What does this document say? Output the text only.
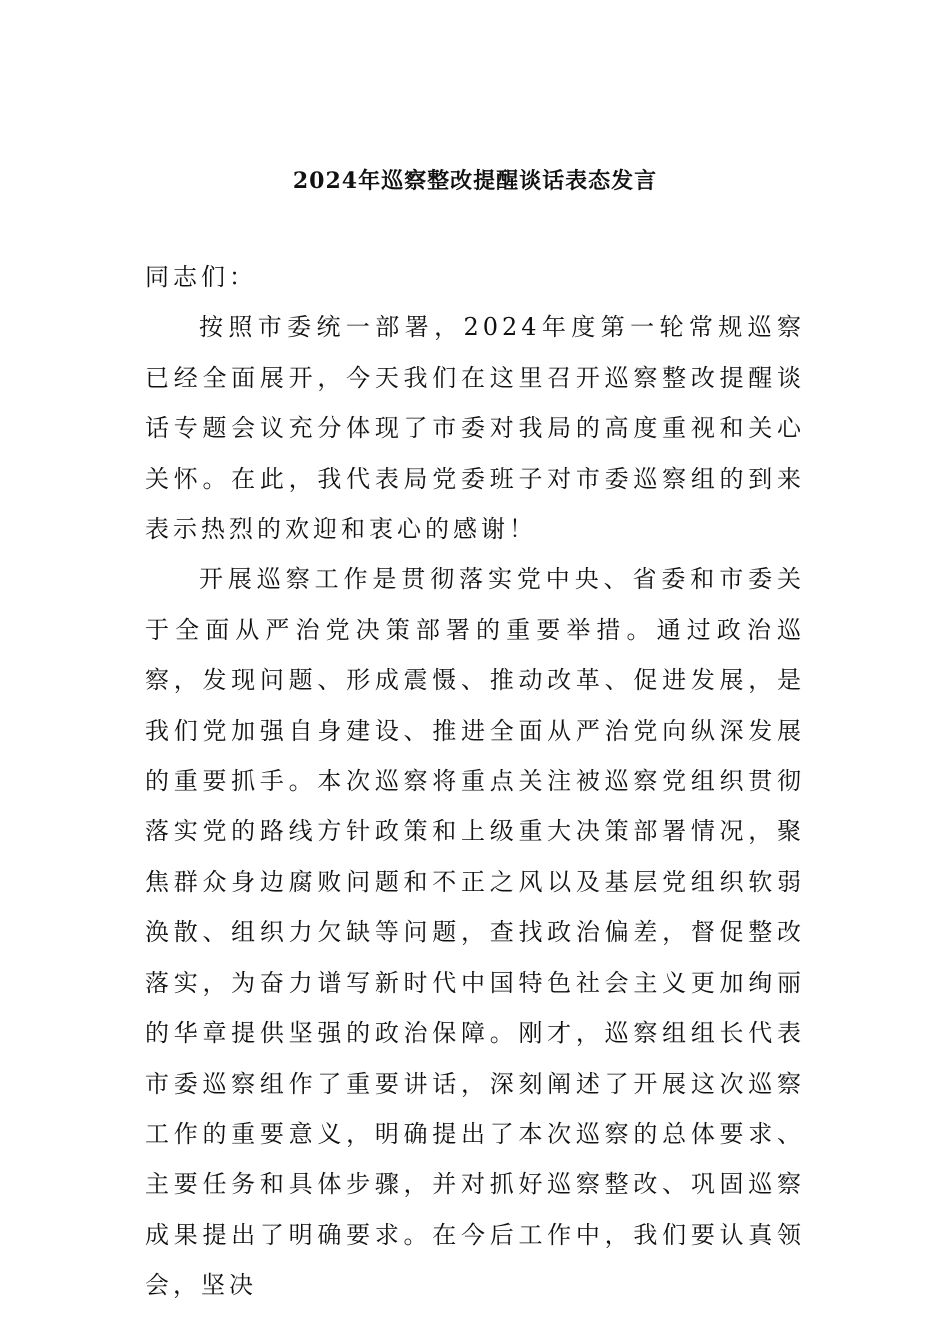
2024年巡察整改提醒谈话表态发言

同志们：

按照市委统一部署，2024年度第一轮常规巡察已经全面展开，今天我们在这里召开巡察整改提醒谈话专题会议充分体现了市委对我局的高度重视和关心关怀。在此，我代表局党委班子对市委巡察组的到来表示热烈的欢迎和衷心的感谢！

开展巡察工作是贯彻落实党中央、省委和市委关于全面从严治党决策部署的重要举措。通过政治巡察，发现问题、形成震慑、推动改革、促进发展，是我们党加强自身建设、推进全面从严治党向纵深发展的重要抓手。本次巡察将重点关注被巡察党组织贯彻落实党的路线方针政策和上级重大决策部署情况，聚焦群众身边腐败问题和不正之风以及基层党组织软弱涣散、组织力欠缺等问题，查找政治偏差，督促整改落实，为奋力谱写新时代中国特色社会主义更加绚丽的华章提供坚强的政治保障。刚才，巡察组组长代表市委巡察组作了重要讲话，深刻阐述了开展这次巡察工作的重要意义，明确提出了本次巡察的总体要求、主要任务和具体步骤，并对抓好巡察整改、巩固巡察成果提出了明确要求。在今后工作中，我们要认真领会，坚决
